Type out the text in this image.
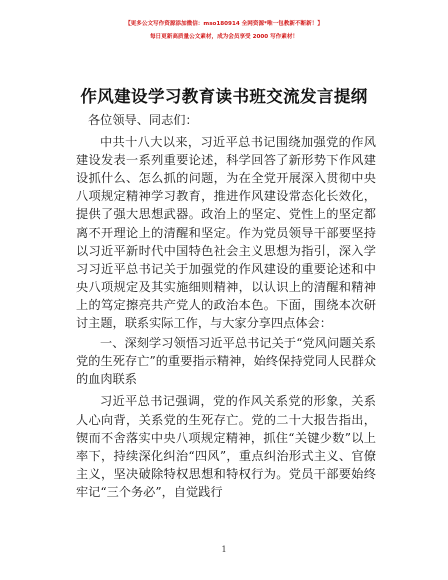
【更多公文写作资源添加微信：mso180914 全网资源*唯一包教新不断新！】
每日更新高质量公文素材，成为会员享受 2000 写作素材！
作风建设学习教育读书班交流发言提纲

各位领导、同志们：

中共十八大以来，习近平总书记围绕加强党的作风建设发表一系列重要论述，科学回答了新形势下作风建设抓什么、怎么抓的问题，为在全党开展深入贯彻中央八项规定精神学习教育，推进作风建设常态化长效化，提供了强大思想武器。政治上的坚定、党性上的坚定都离不开理论上的清醒和坚定。作为党员领导干部要坚持以习近平新时代中国特色社会主义思想为指引，深入学习习近平总书记关于加强党的作风建设的重要论述和中央八项规定及其实施细则精神，以认识上的清醒和精神上的笃定擦亮共产党人的政治本色。下面，围绕本次研讨主题，联系实际工作，与大家分享四点体会：

一、深刻学习领悟习近平总书记关于“党风问题关系党的生死存亡”的重要指示精神，始终保持党同人民群众的血肉联系

习近平总书记强调，党的作风关系党的形象，关系人心向背，关系党的生死存亡。党的二十大报告指出，锲而不舍落实中央八项规定精神，抓住“关键少数”以上率下，持续深化纠治“四风”，重点纠治形式主义、官僚主义，坚决破除特权思想和特权行为。党员干部要始终牢记“三个务必”，自觉践行

1
